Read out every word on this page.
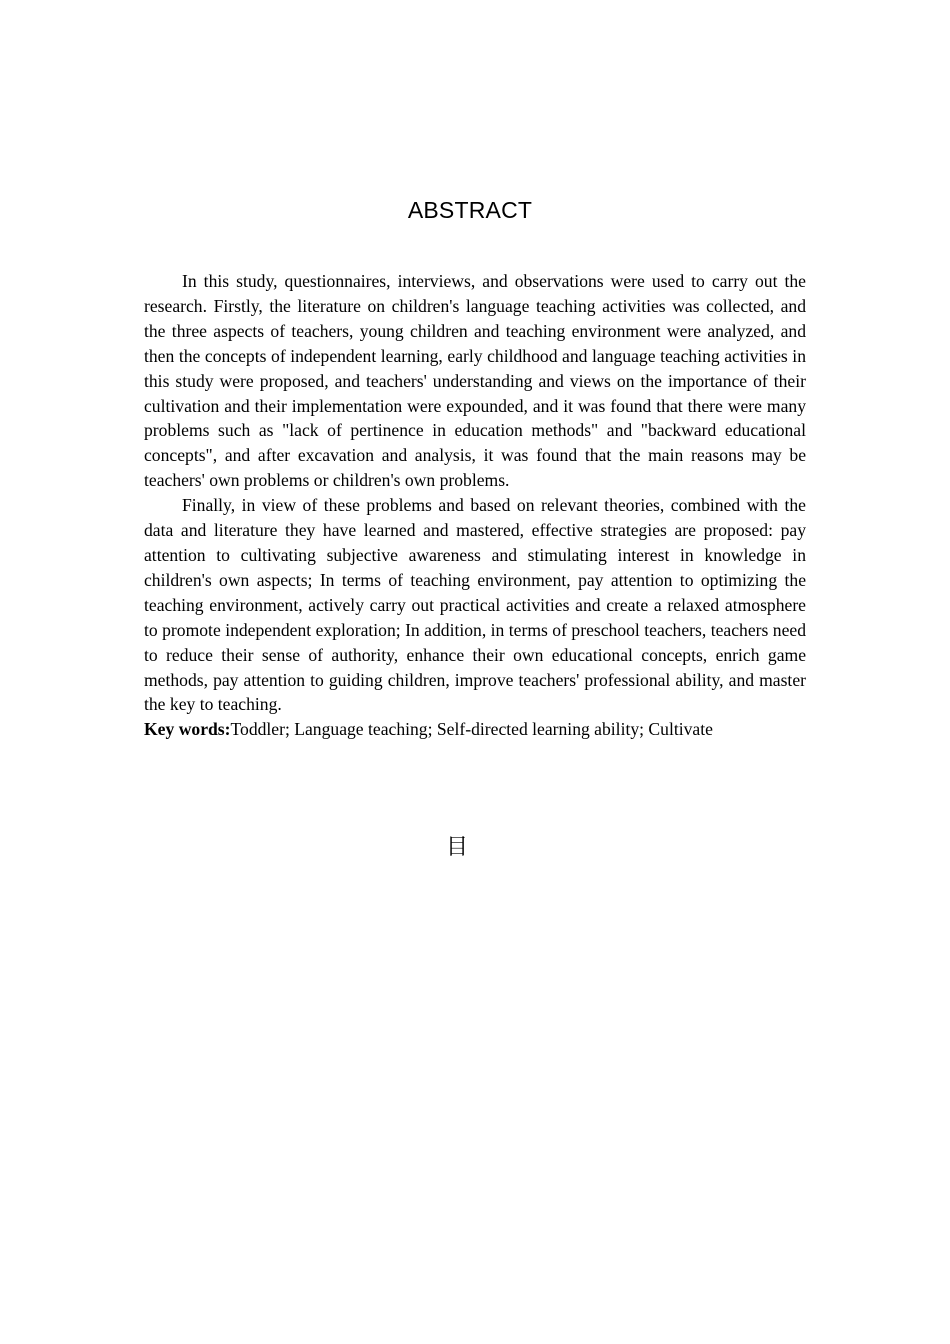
ABSTRACT

In this study, questionnaires, interviews, and observations were used to carry out the research. Firstly, the literature on children's language teaching activities was collected, and the three aspects of teachers, young children and teaching environment were analyzed, and then the concepts of independent learning, early childhood and language teaching activities in this study were proposed, and teachers' understanding and views on the importance of their cultivation and their implementation were expounded, and it was found that there were many problems such as "lack of pertinence in education methods" and "backward educational concepts", and after excavation and analysis, it was found that the main reasons may be teachers' own problems or children's own problems.

Finally, in view of these problems and based on relevant theories, combined with the data and literature they have learned and mastered, effective strategies are proposed: pay attention to cultivating subjective awareness and stimulating interest in knowledge in children's own aspects; In terms of teaching environment, pay attention to optimizing the teaching environment, actively carry out practical activities and create a relaxed atmosphere to promote independent exploration; In addition, in terms of preschool teachers, teachers need to reduce their sense of authority, enhance their own educational concepts, enrich game methods, pay attention to guiding children, improve teachers' professional ability, and master the key to teaching.

Key words:Toddler; Language teaching; Self-directed learning ability; Cultivate
目
